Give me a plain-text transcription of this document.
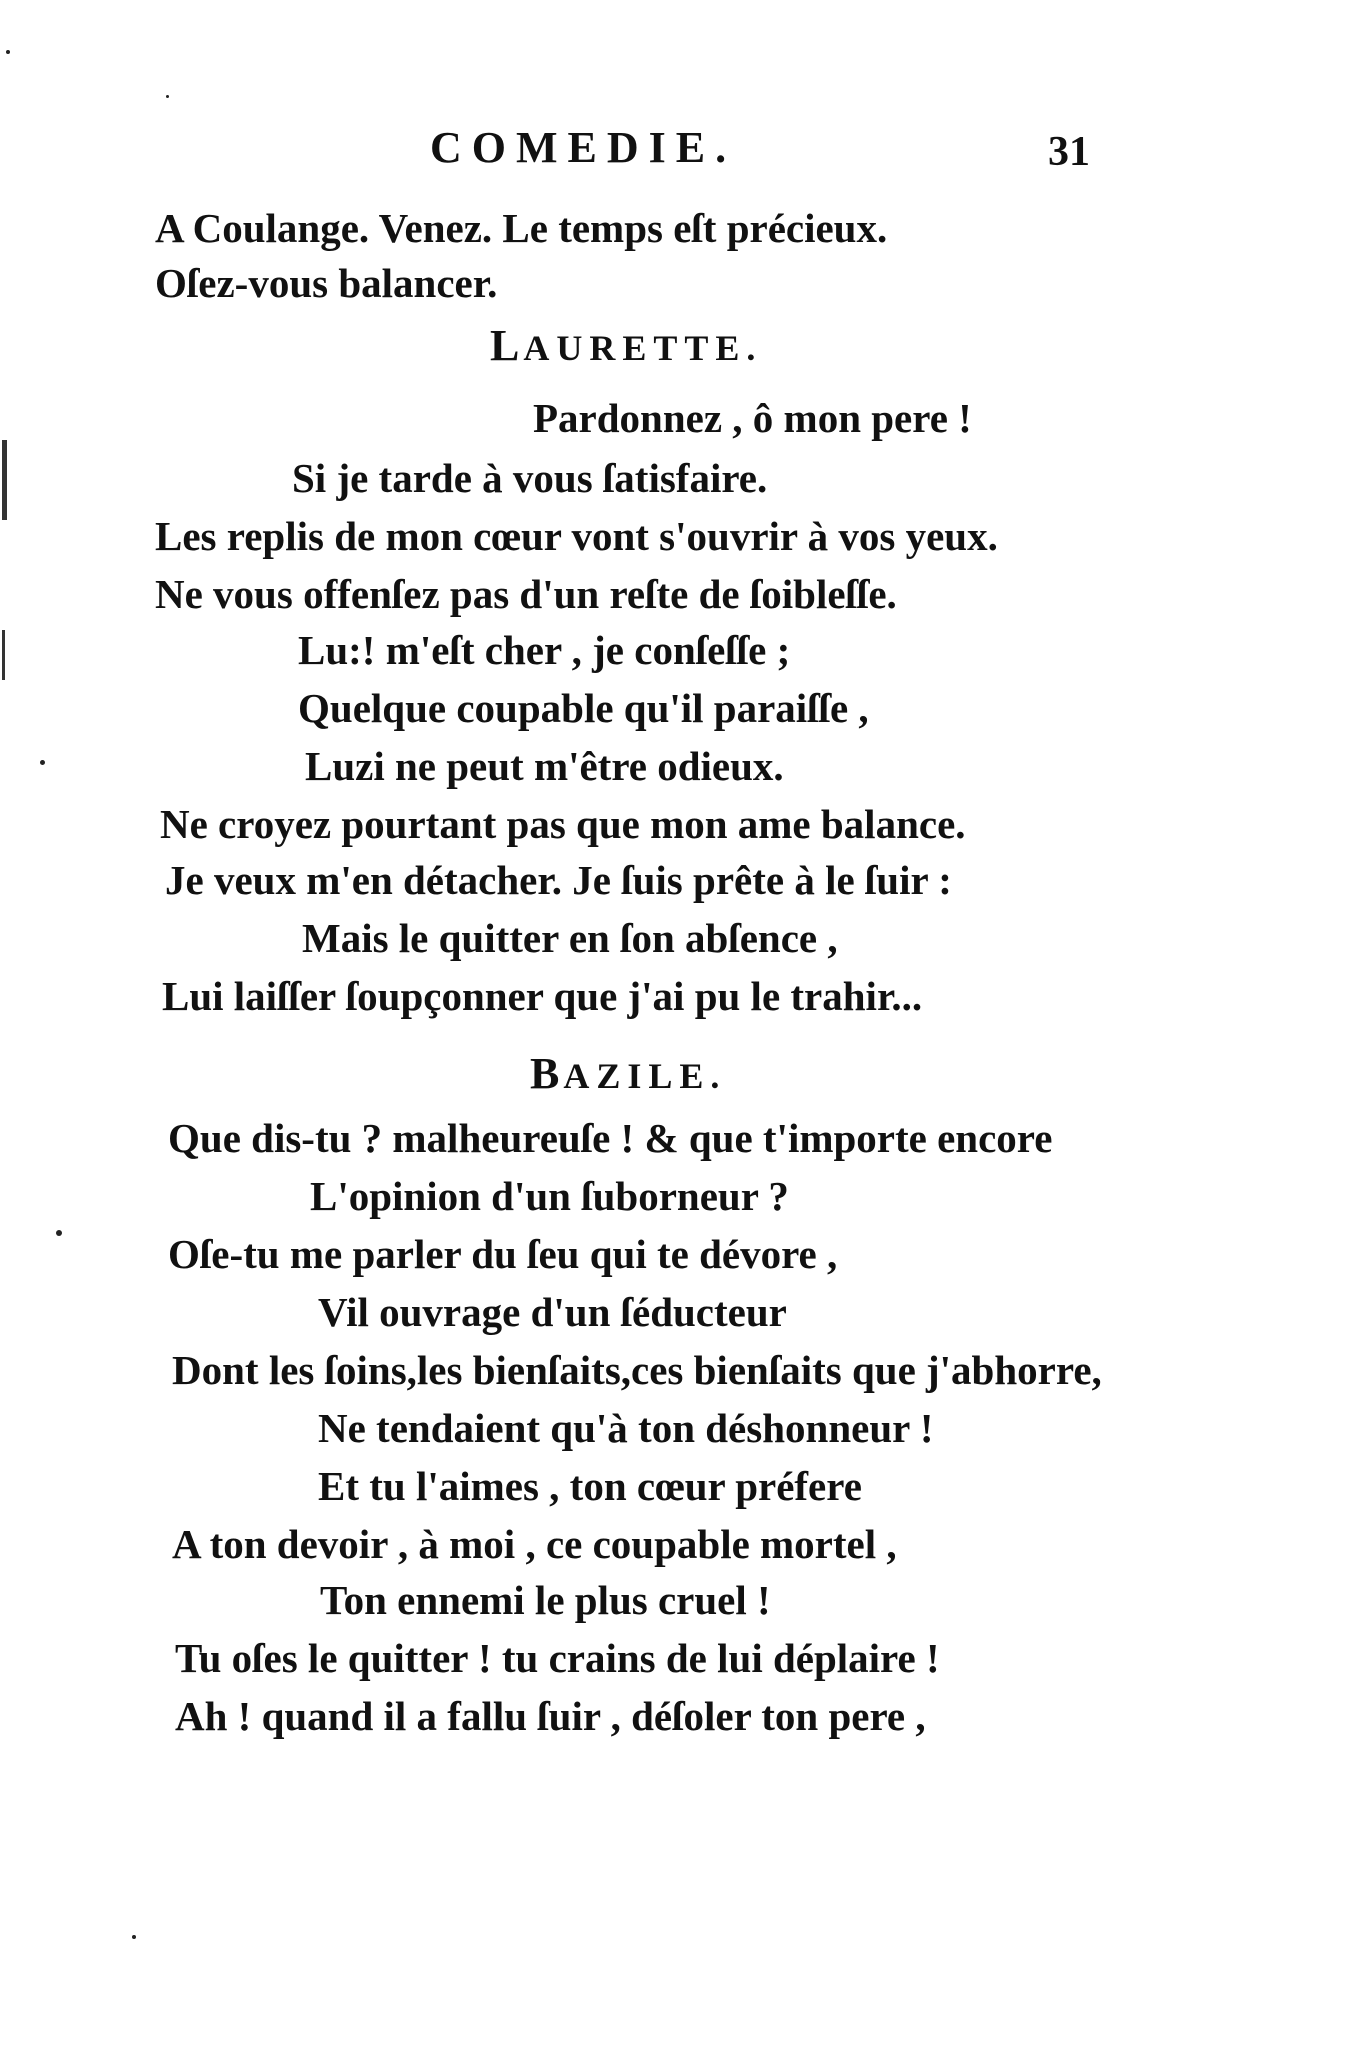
COMEDIE.	31
A Coulange. Venez. Le temps eſt précieux.
Oſez-vous balancer.
LAURETTE.
Pardonnez , ô mon pere !
Si je tarde à vous ſatisfaire.
Les replis de mon cœur vont s'ouvrir à vos yeux.
Ne vous offenſez pas d'un reſte de ſoibleſſe.
Lu:! m'eſt cher , je conſeſſe ;
Quelque coupable qu'il paraiſſe ,
Luzi ne peut m'être odieux.
Ne croyez pourtant pas que mon ame balance.
Je veux m'en détacher. Je ſuis prête à le ſuir :
Mais le quitter en ſon abſence ,
Lui laiſſer ſoupçonner que j'ai pu le trahir...
BAZILE.
Que dis-tu ? malheureuſe ! & que t'importe encore
L'opinion d'un ſuborneur ?
Oſe-tu me parler du ſeu qui te dévore ,
Vil ouvrage d'un ſéducteur
Dont les ſoins,les bienſaits,ces bienſaits que j'abhorre,
Ne tendaient qu'à ton déshonneur !
Et tu l'aimes , ton cœur préfere
A ton devoir , à moi , ce coupable mortel ,
Ton ennemi le plus cruel !
Tu oſes le quitter ! tu crains de lui déplaire !
Ah ! quand il a fallu ſuir , déſoler ton pere ,
